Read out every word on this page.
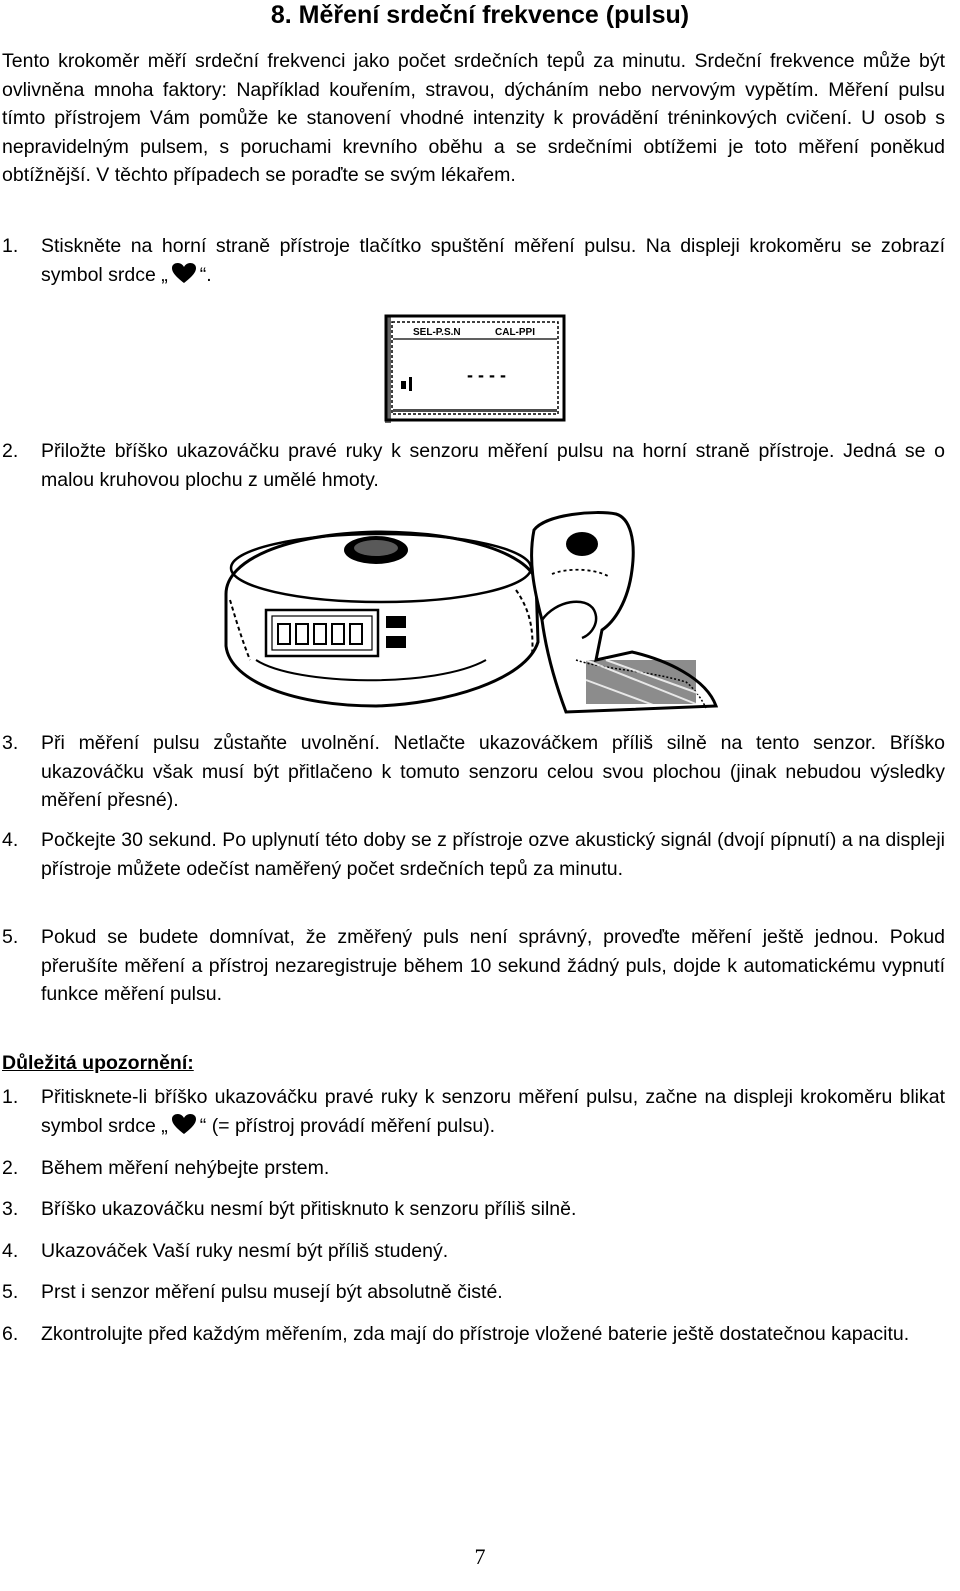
8. Měření srdeční frekvence (pulsu)
Tento krokoměr měří srdeční frekvenci jako počet srdečních tepů za minutu. Srdeční frekvence může být ovlivněna mnoha faktory: Například kouřením, stravou, dýcháním nebo nervovým vypětím. Měření pulsu tímto přístrojem Vám pomůže ke stanovení vhodné intenzity k provádění tréninkových cvičení. U osob s nepravidelným pulsem, s poruchami krevního oběhu a se srdečními obtížemi je toto měření poněkud obtížnější. V těchto případech se poraďte se svým lékařem.
1.	Stiskněte na horní straně přístroje tlačítko spuštění měření pulsu. Na displeji krokoměru se zobrazí symbol srdce „ “.
SEL-P.S.N	CAL-PPI
- - - -
2.	Přiložte bříško ukazováčku pravé ruky k senzoru měření pulsu na horní straně přístroje. Jedná se o malou kruhovou plochu z umělé hmoty.
3.	Při měření pulsu zůstaňte uvolnění. Netlačte ukazováčkem příliš silně na tento senzor. Bříško ukazováčku však musí být přitlačeno k tomuto senzoru celou svou plochou (jinak nebudou výsledky měření přesné).
4.	Počkejte 30 sekund. Po uplynutí této doby se z přístroje ozve akustický signál (dvojí pípnutí) a na displeji přístroje můžete odečíst naměřený počet srdečních tepů za minutu.
5.	Pokud se budete domnívat, že změřený puls není správný, proveďte měření ještě jednou. Pokud přerušíte měření a přístroj nezaregistruje během 10 sekund žádný puls, dojde k automatickému vypnutí funkce měření pulsu.
Důležitá upozornění:
1.	Přitisknete-li bříško ukazováčku pravé ruky k senzoru měření pulsu, začne na displeji krokoměru blikat symbol srdce „ “ (= přístroj provádí měření pulsu).
2.	Během měření nehýbejte prstem.
3.	Bříško ukazováčku nesmí být přitisknuto k senzoru příliš silně.
4.	Ukazováček Vaší ruky nesmí být příliš studený.
5.	Prst i senzor měření pulsu musejí být absolutně čisté.
6.	Zkontrolujte před každým měřením, zda mají do přístroje vložené baterie ještě dostatečnou kapacitu.
7
